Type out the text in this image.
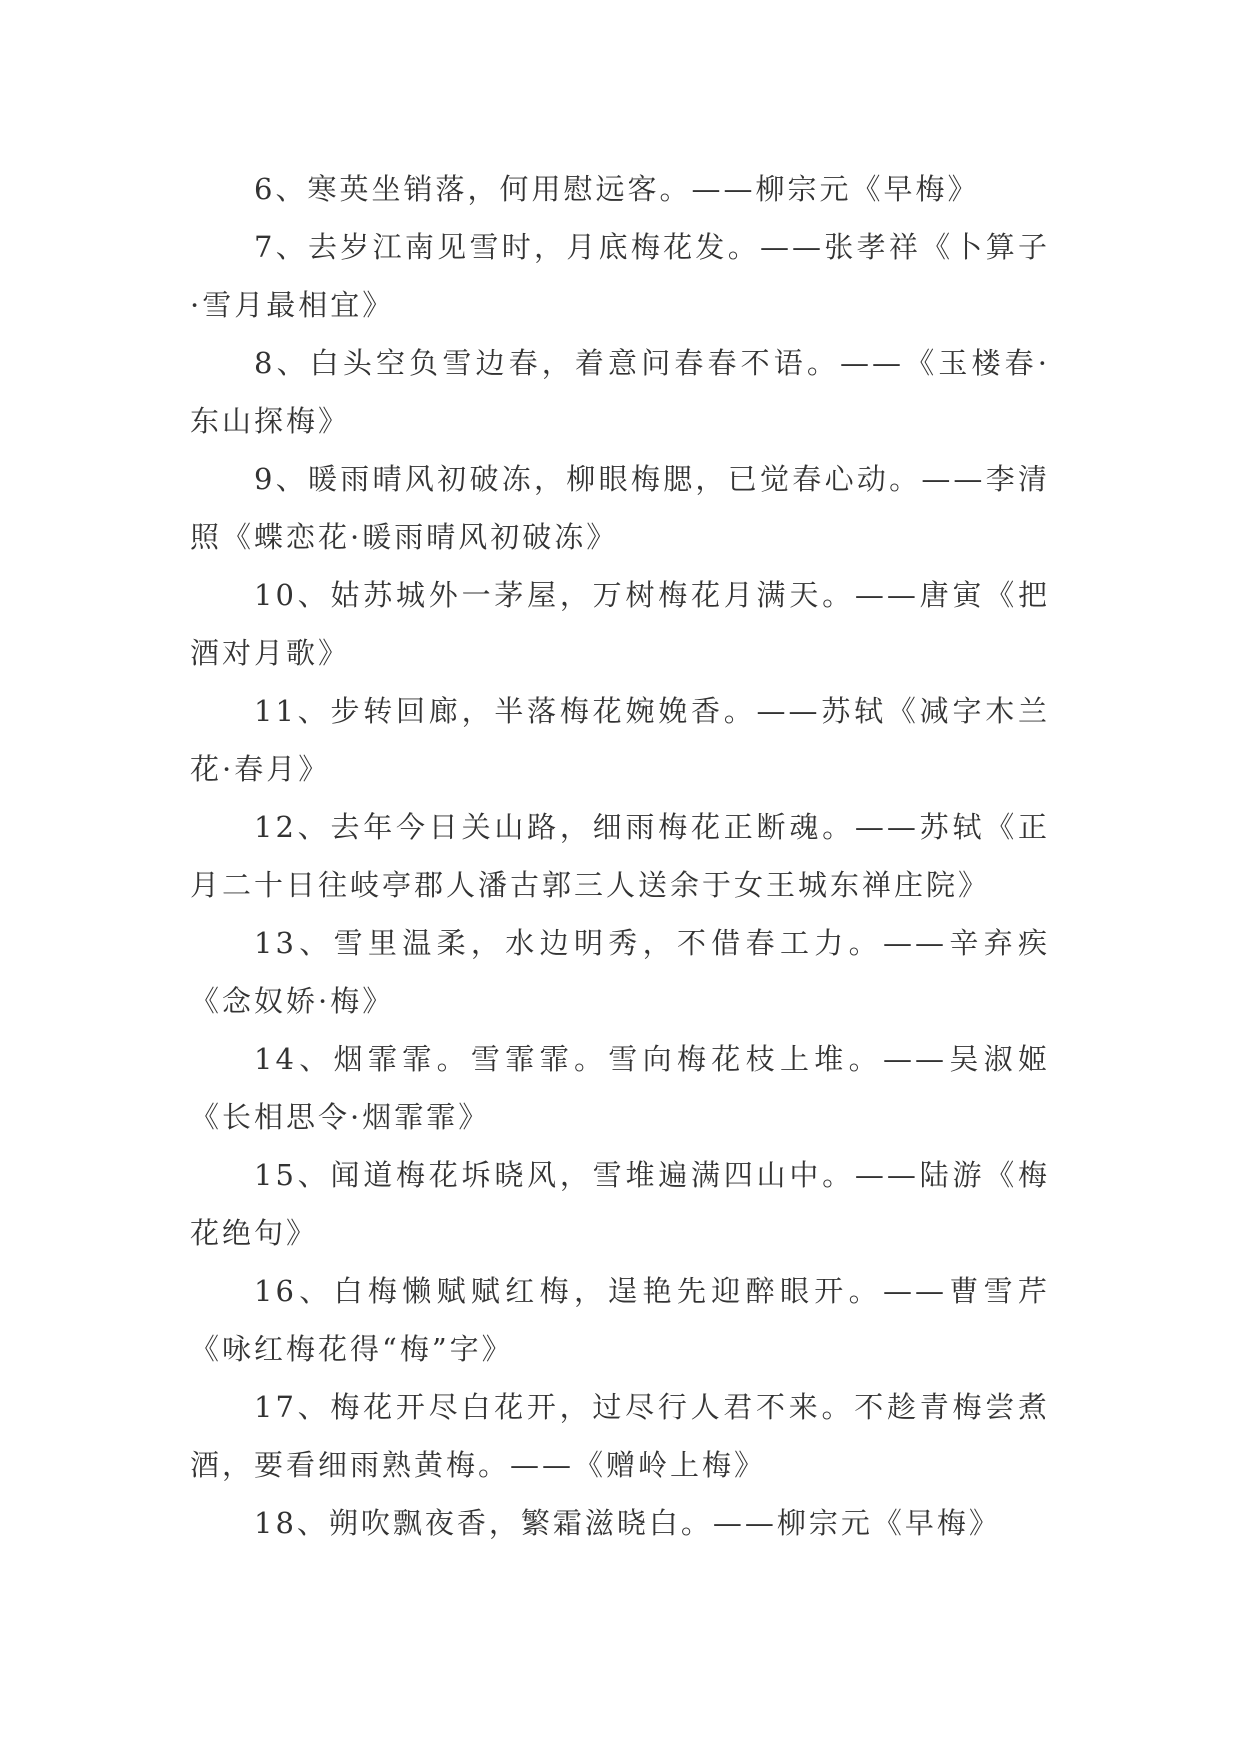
6、寒英坐销落，何用慰远客。——柳宗元《早梅》

7、去岁江南见雪时，月底梅花发。——张孝祥《卜算子·雪月最相宜》

8、白头空负雪边春，着意问春春不语。——《玉楼春·东山探梅》

9、暖雨晴风初破冻，柳眼梅腮，已觉春心动。——李清照《蝶恋花·暖雨晴风初破冻》

10、姑苏城外一茅屋，万树梅花月满天。——唐寅《把酒对月歌》

11、步转回廊，半落梅花婉娩香。——苏轼《减字木兰花·春月》

12、去年今日关山路，细雨梅花正断魂。——苏轼《正月二十日往岐亭郡人潘古郭三人送余于女王城东禅庄院》

13、雪里温柔，水边明秀，不借春工力。——辛弃疾《念奴娇·梅》

14、烟霏霏。雪霏霏。雪向梅花枝上堆。——吴淑姬《长相思令·烟霏霏》

15、闻道梅花坼晓风，雪堆遍满四山中。——陆游《梅花绝句》

16、白梅懒赋赋红梅，逞艳先迎醉眼开。——曹雪芹《咏红梅花得“梅”字》

17、梅花开尽白花开，过尽行人君不来。不趁青梅尝煮酒，要看细雨熟黄梅。——《赠岭上梅》

18、朔吹飘夜香，繁霜滋晓白。——柳宗元《早梅》
